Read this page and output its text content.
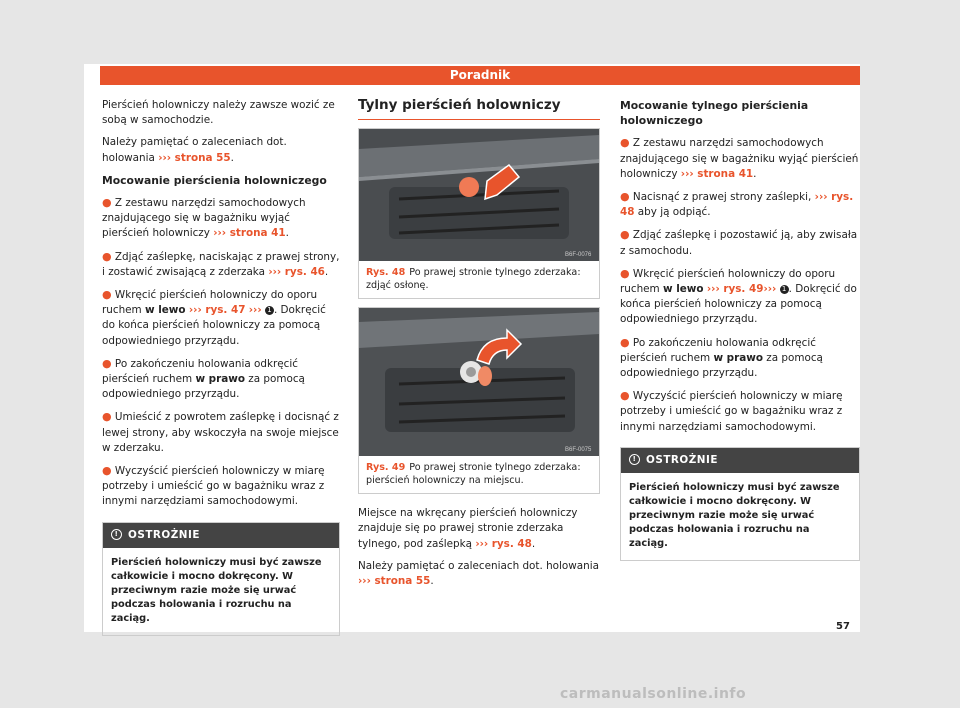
Poradnik

Pierścień holowniczy należy zawsze wozić ze sobą w samochodzie.

Należy pamiętać o zaleceniach dot. holowania ››› strona 55.

Mocowanie pierścienia holowniczego

● Z zestawu narzędzi samochodowych znajdującego się w bagażniku wyjąć pierścień holowniczy ››› strona 41.

● Zdjąć zaślepkę, naciskając z prawej strony, i zostawić zwisającą z zderzaka ››› rys. 46.

● Wkręcić pierścień holowniczy do oporu ruchem w lewo ››› rys. 47 ››› 1 . Dokręcić do końca pierścień holowniczy za pomocą odpowiedniego przyrządu.

● Po zakończeniu holowania odkręcić pierścień ruchem w prawo za pomocą odpowiedniego przyrządu.

● Umieścić z powrotem zaślepkę i docisnąć z lewej strony, aby wskoczyła na swoje miejsce w zderzaku.

● Wyczyścić pierścień holowniczy w miarę potrzeby i umieścić go w bagażniku wraz z innymi narzędziami samochodowymi.

! OSTROŻNIE
Pierścień holowniczy musi być zawsze całkowicie i mocno dokręcony. W przeciwnym razie może się urwać podczas holowania i rozruchu na zaciąg.
Tylny pierścień holowniczy
B6F-0076
Rys. 48 Po prawej stronie tylnego zderzaka: zdjąć osłonę.
B6F-0075
Rys. 49 Po prawej stronie tylnego zderzaka: pierścień holowniczy na miejscu.

Miejsce na wkręcany pierścień holowniczy znajduje się po prawej stronie zderzaka tylnego, pod zaślepką ››› rys. 48.

Należy pamiętać o zaleceniach dot. holowania ››› strona 55.

Mocowanie tylnego pierścienia holowniczego

● Z zestawu narzędzi samochodowych znajdującego się w bagażniku wyjąć pierścień holowniczy ››› strona 41.

● Nacisnąć z prawej strony zaślepki, ››› rys. 48 aby ją odpiąć.

● Zdjąć zaślepkę i pozostawić ją, aby zwisała z samochodu.

● Wkręcić pierścień holowniczy do oporu ruchem w lewo ››› rys. 49››› 1 . Dokręcić do końca pierścień holowniczy za pomocą odpowiedniego przyrządu.

● Po zakończeniu holowania odkręcić pierścień ruchem w prawo za pomocą odpowiedniego przyrządu.

● Wyczyścić pierścień holowniczy w miarę potrzeby i umieścić go w bagażniku wraz z innymi narzędziami samochodowymi.

! OSTROŻNIE
Pierścień holowniczy musi być zawsze całkowicie i mocno dokręcony. W przeciwnym razie może się urwać podczas holowania i rozruchu na zaciąg.
57
carmanualsonline.info
